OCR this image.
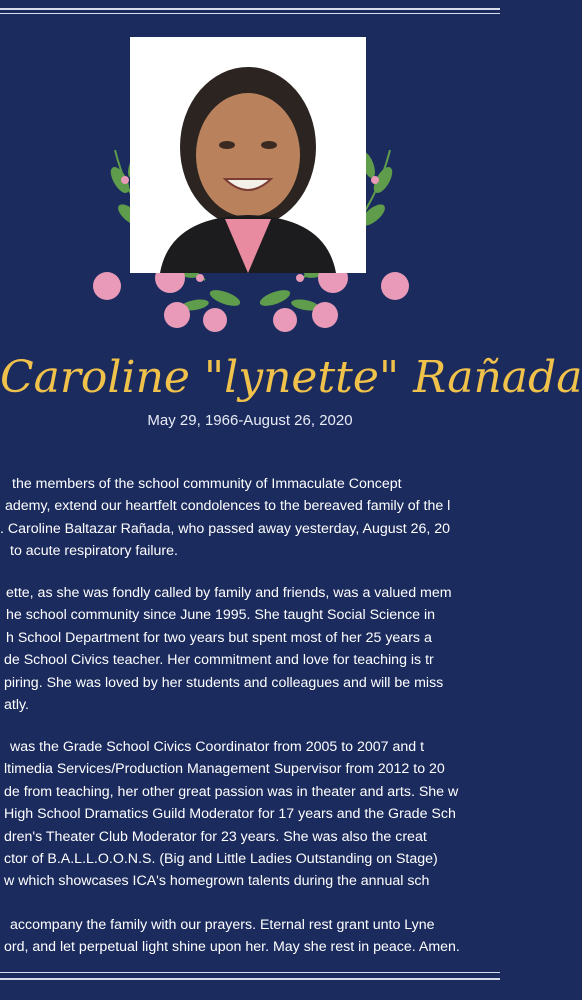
Caroline "lynette" Rañada
May 29, 1966-August 26, 2020
the members of the school community of Immaculate Concept
ademy, extend our heartfelt condolences to the bereaved family of the l
. Caroline Baltazar Rañada, who passed away yesterday, August 26, 20
to acute respiratory failure.
ette, as she was fondly called by family and friends, was a valued mem
he school community since June 1995. She taught Social Science in
h School Department for two years but spent most of her 25 years a
de School Civics teacher. Her commitment and love for teaching is tr
piring. She was loved by her students and colleagues and will be miss
atly.
was the Grade School Civics Coordinator from 2005 to 2007 and t
ltimedia Services/Production Management Supervisor from 2012 to 20
de from teaching, her other great passion was in theater and arts. She w
High School Dramatics Guild Moderator for 17 years and the Grade Sch
dren's Theater Club Moderator for 23 years. She was also the creat
ctor of B.A.L.L.O.O.N.S. (Big and Little Ladies Outstanding on Stage)
w which showcases ICA's homegrown talents during the annual sch
accompany the family with our prayers. Eternal rest grant unto Lyne
ord, and let perpetual light shine upon her. May she rest in peace. Amen.
